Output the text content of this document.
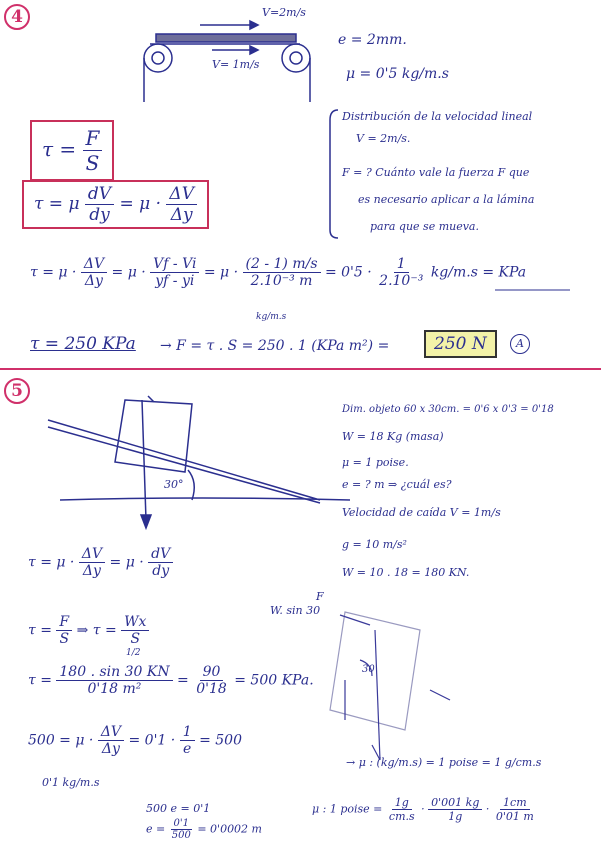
4	V=2m/s
V= 1m/s
e = 2mm.
μ = 0'5 kg/m.s
Distribución de la velocidad lineal
V = 2m/s.
F = ? Cuánto vale la fuerza F que
es necesario aplicar a la lámina
para que se mueva.
$\tau = \frac{F}{S}$
τ = μ $\frac{dV}{dy} = \mu \cdot \frac{\Delta V}{\Delta y}$
$\tau = \mu \cdot \frac{\Delta V}{\Delta y} = \mu \cdot \frac{Vf - Vi}{yf - yi} = \mu \cdot \frac{(2 - 1) m/s}{\text{2.10⁻³ m}} = 0'5 \cdot \frac{1}{\text{2.10⁻³}} kg/m.s$ = KPa
kg/m.s
τ = 250 KPa → F = τ . S = 250 . 1 (KPa m²) =	250 N	A
5
30°
Dim. objeto 60 x 30cm. = 0'6 x 0'3 = 0'18
W = 18 Kg (masa)
μ = 1 poise.
e = ? m ⇒ ¿cuál es?
Velocidad de caída V = 1m/s
g = 10 m/s²
W = 10 . 18 = 180 KN.
$\tau = \mu \cdot \frac{\Delta V}{\Delta y} = \mu \cdot \frac{dV}{dy}$
$\tau = \frac{F}{S}$ ⇒ $\tau = \frac{Wx}{S}$
1/2
$\tau = \frac{180 . \sin 30 KN}{\text{0'18 m²}} = \frac{90}{0'18} = 500$ KPa.
$500 = \mu \cdot \frac{\Delta V}{\Delta y} = 0'1 \cdot \frac{1}{e} = 500$
0'1 kg/m.s
500 e = 0'1
$e = \frac{0'1}{500} = 0'0002$ m
W. sin 30
F
30
→ μ : (kg/m.s) = 1 poise = 1 g/cm.s
μ : 1 poise = $\frac{1g}{cm.s} \cdot \frac{0'001 kg}{1g} \cdot \frac{1cm}{0'01 m}$
